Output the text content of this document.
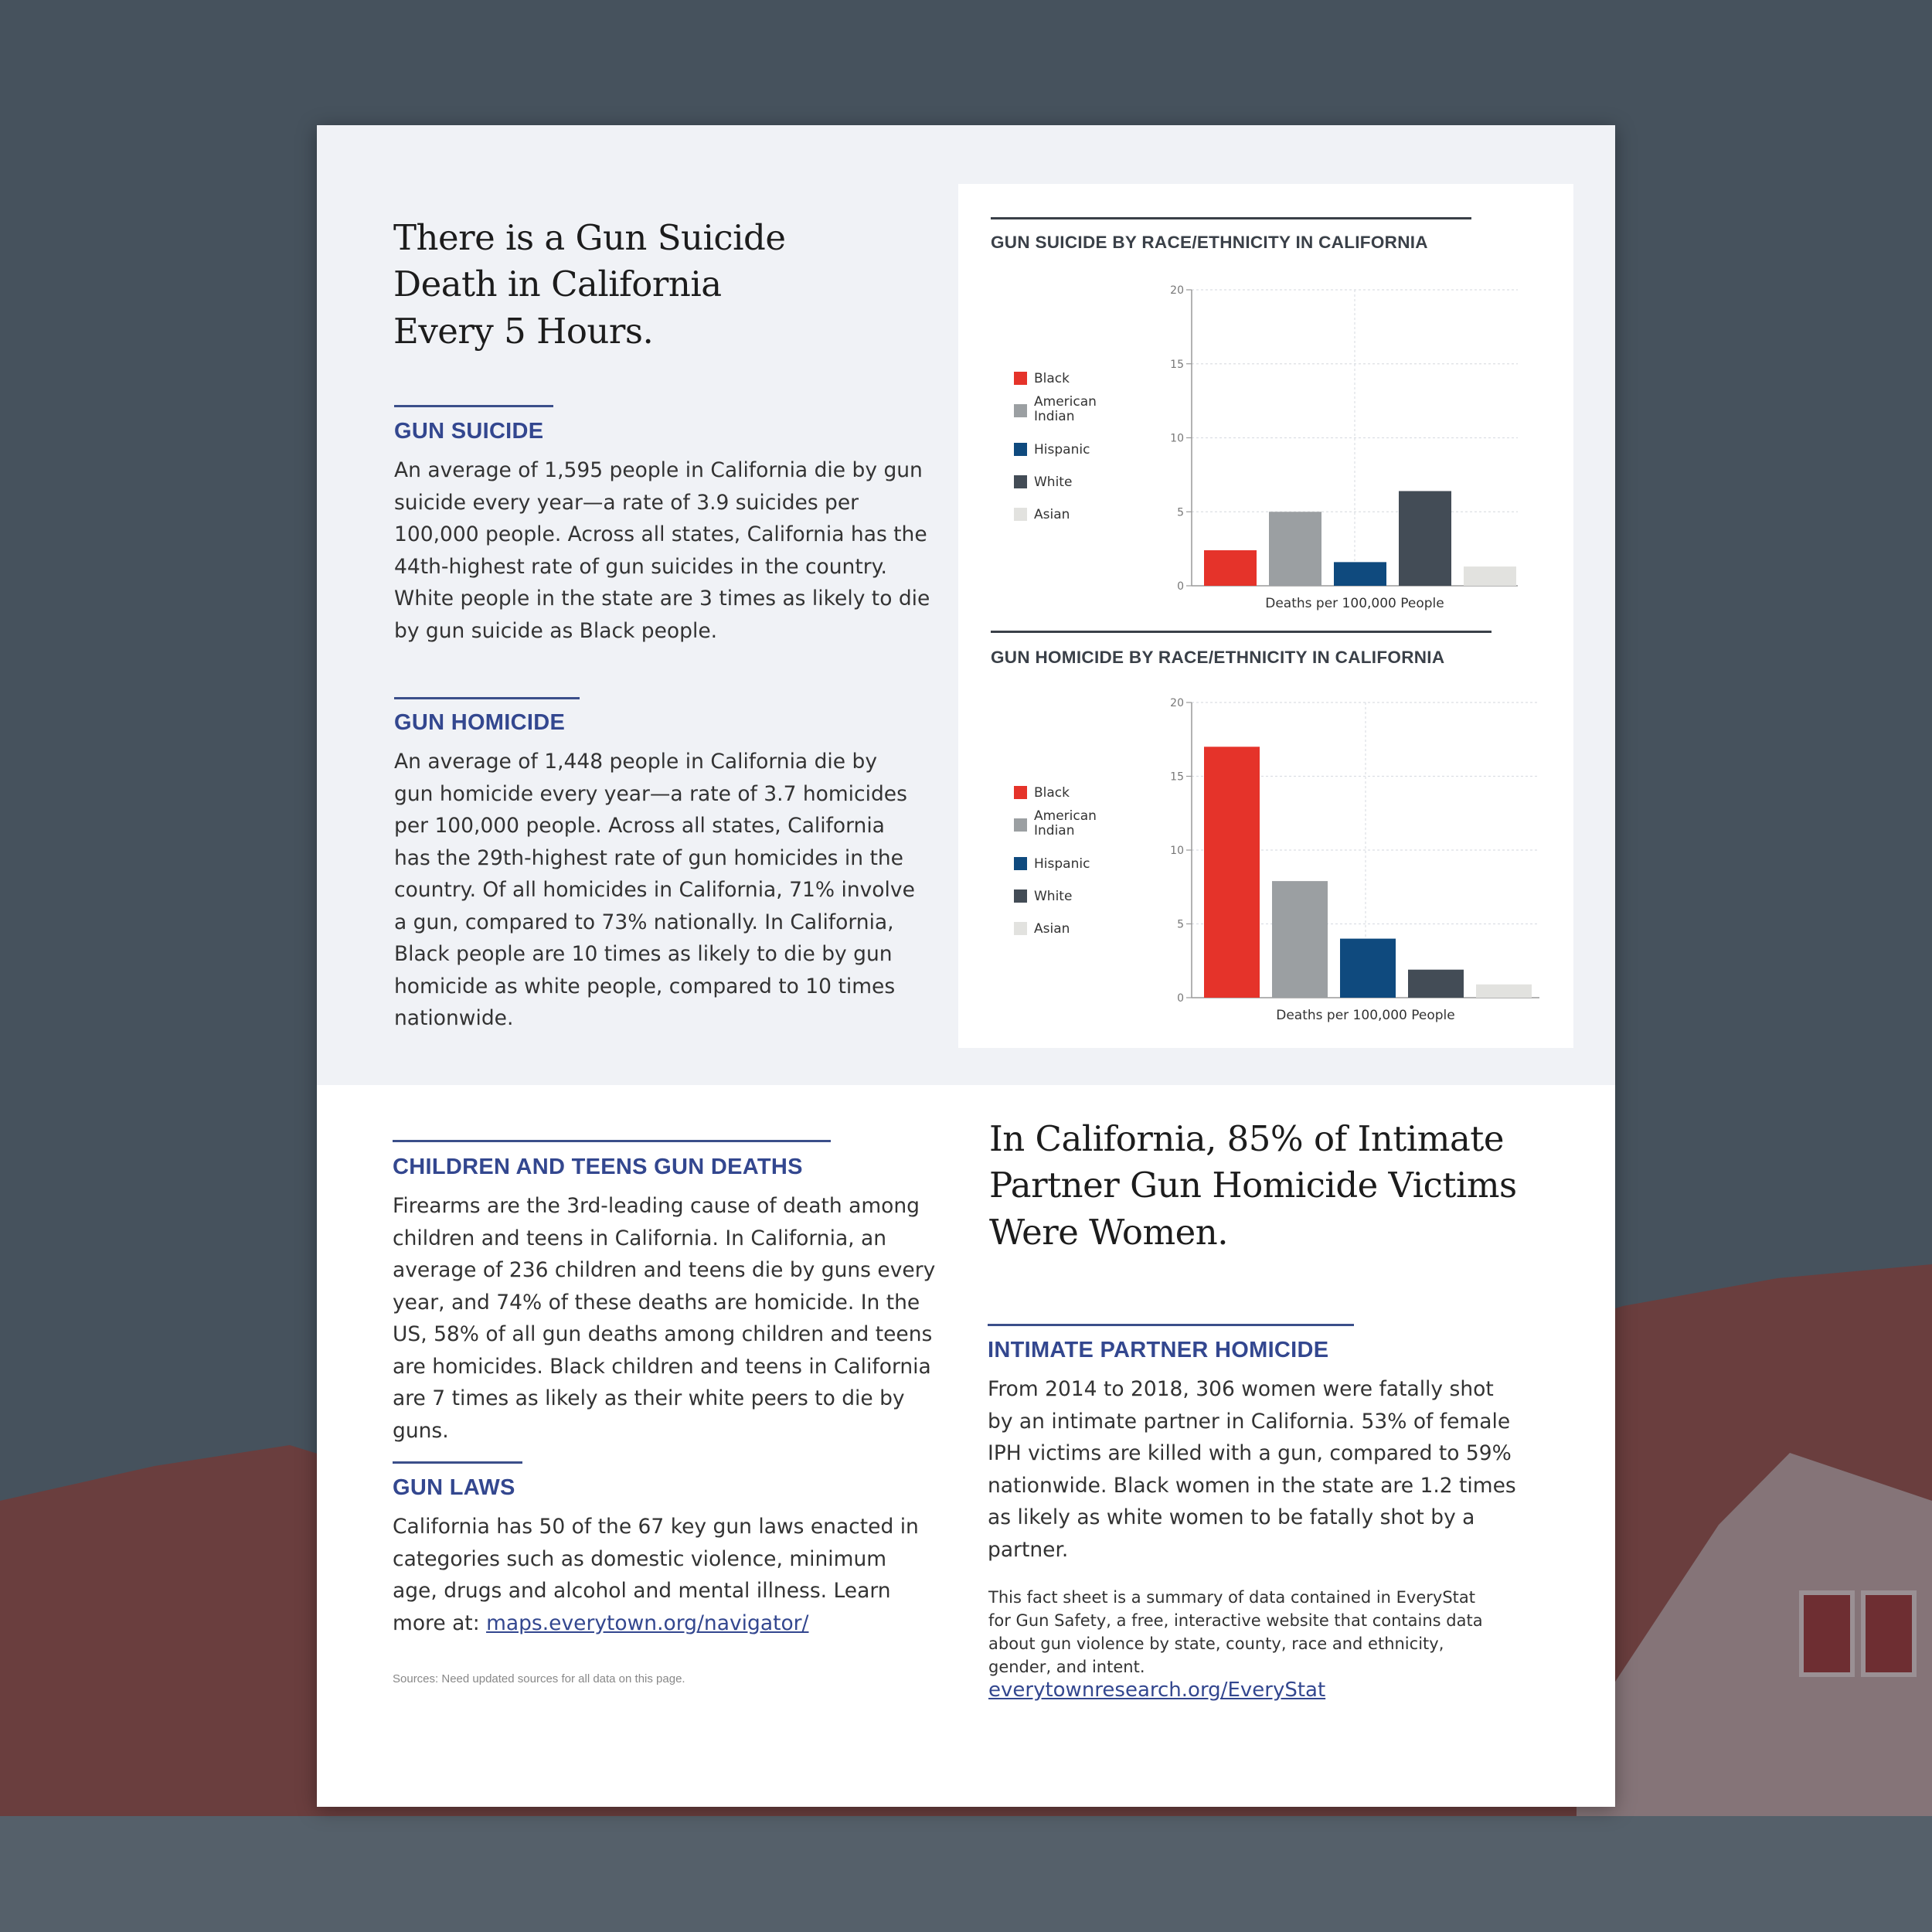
There is a Gun Suicide Death in California Every 5 Hours.
GUN SUICIDE

An average of 1,595 people in California die by gun suicide every year—a rate of 3.9 suicides per 100,000 people. Across all states, California has the 44th-highest rate of gun suicides in the country. White people in the state are 3 times as likely to die by gun suicide as Black people.

GUN HOMICIDE

An average of 1,448 people in California die by gun homicide every year—a rate of 3.7 homicides per 100,000 people. Across all states, California has the 29th-highest rate of gun homicides in the country. Of all homicides in California, 71% involve a gun, compared to 73% nationally. In California, Black people are 10 times as likely to die by gun homicide as white people, compared to 10 times nationwide.

GUN SUICIDE BY RACE/ETHNICITY IN CALIFORNIA
0
5
10
15
20
Deaths per 100,000 People
Black
American Indian
Hispanic
White
Asian
GUN HOMICIDE BY RACE/ETHNICITY IN CALIFORNIA
0
5
10
15
20
Deaths per 100,000 People
Black
American Indian
Hispanic
White
Asian
CHILDREN AND TEENS GUN DEATHS

Firearms are the 3rd-leading cause of death among children and teens in California. In California, an average of 236 children and teens die by guns every year, and 74% of these deaths are homicide. In the US, 58% of all gun deaths among children and teens are homicides. Black children and teens in California are 7 times as likely as their white peers to die by guns.

GUN LAWS

California has 50 of the 67 key gun laws enacted in categories such as domestic violence, minimum age, drugs and alcohol and mental illness. Learn more at: maps.everytown.org/navigator/

Sources: Need updated sources for all data on this page.

In California, 85% of Intimate Partner Gun Homicide Victims Were Women.
INTIMATE PARTNER HOMICIDE

From 2014 to 2018, 306 women were fatally shot by an intimate partner in California. 53% of female IPH victims are killed with a gun, compared to 59% nationwide. Black women in the state are 1.2 times as likely as white women to be fatally shot by a partner.

This fact sheet is a summary of data contained in EveryStat for Gun Safety, a free, interactive website that contains data about gun violence by state, county, race and ethnicity, gender, and intent. everytownresearch.org/EveryStat
